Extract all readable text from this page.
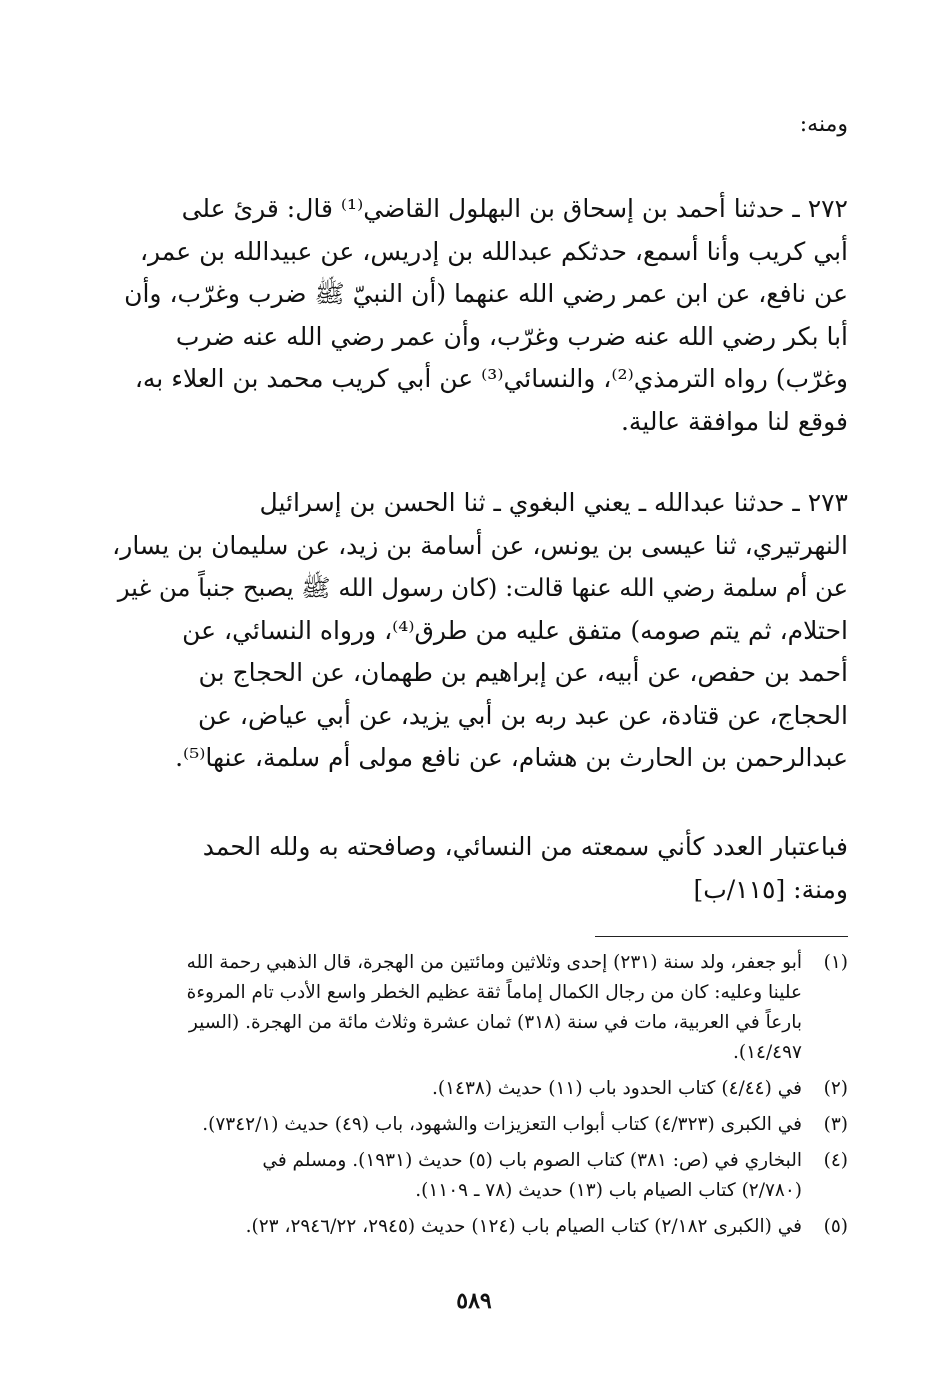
ومنه:
٢٧٢ ـ حدثنا أحمد بن إسحاق بن البهلول القاضي⁽¹⁾ قال: قرئ على
أبي كريب وأنا أسمع، حدثكم عبدالله بن إدريس، عن عبيدالله بن عمر،
عن نافع، عن ابن عمر رضي الله عنهما (أن النبيّ ﷺ ضرب وغرّب، وأن
أبا بكر رضي الله عنه ضرب وغرّب، وأن عمر رضي الله عنه ضرب
وغرّب) رواه الترمذي⁽²⁾، والنسائي⁽³⁾ عن أبي كريب محمد بن العلاء به،
فوقع لنا موافقة عالية.
٢٧٣ ـ حدثنا عبدالله ـ يعني البغوي ـ ثنا الحسن بن إسرائيل
النهرتيري، ثنا عيسى بن يونس، عن أسامة بن زيد، عن سليمان بن يسار،
عن أم سلمة رضي الله عنها قالت: (كان رسول الله ﷺ يصبح جنباً من غير
احتلام، ثم يتم صومه) متفق عليه من طرق⁽⁴⁾، ورواه النسائي، عن
أحمد بن حفص، عن أبيه، عن إبراهيم بن طهمان، عن الحجاج بن
الحجاج، عن قتادة، عن عبد ربه بن أبي يزيد، عن أبي عياض، عن
عبدالرحمن بن الحارث بن هشام، عن نافع مولى أم سلمة، عنها⁽⁵⁾.
فباعتبار العدد كأني سمعته من النسائي، وصافحته به ولله الحمد
ومنة: [١١٥/ب]
(١)
أبو جعفر، ولد سنة (٢٣١) إحدى وثلاثين ومائتين من الهجرة، قال الذهبي رحمة الله
علينا وعليه: كان من رجال الكمال إماماً ثقة عظيم الخطر واسع الأدب تام المروءة
بارعاً في العربية، مات في سنة (٣١٨) ثمان عشرة وثلاث مائة من الهجرة. (السير
١٤/٤٩٧).
(٢)
في (٤/٤٤) كتاب الحدود باب (١١) حديث (١٤٣٨).
(٣)
في الكبرى (٤/٣٢٣) كتاب أبواب التعزيزات والشهود، باب (٤٩) حديث (٧٣٤٢/١).
(٤)
البخاري في (ص: ٣٨١) كتاب الصوم باب (٥) حديث (١٩٣١). ومسلم في
(٢/٧٨٠) كتاب الصيام باب (١٣) حديث (٧٨ ـ ١١٠٩).
(٥)
في (الكبرى ٢/١٨٢) كتاب الصيام باب (١٢٤) حديث (٢٩٤٥، ٢٩٤٦/٢٢، ٢٣).
٥٨٩
